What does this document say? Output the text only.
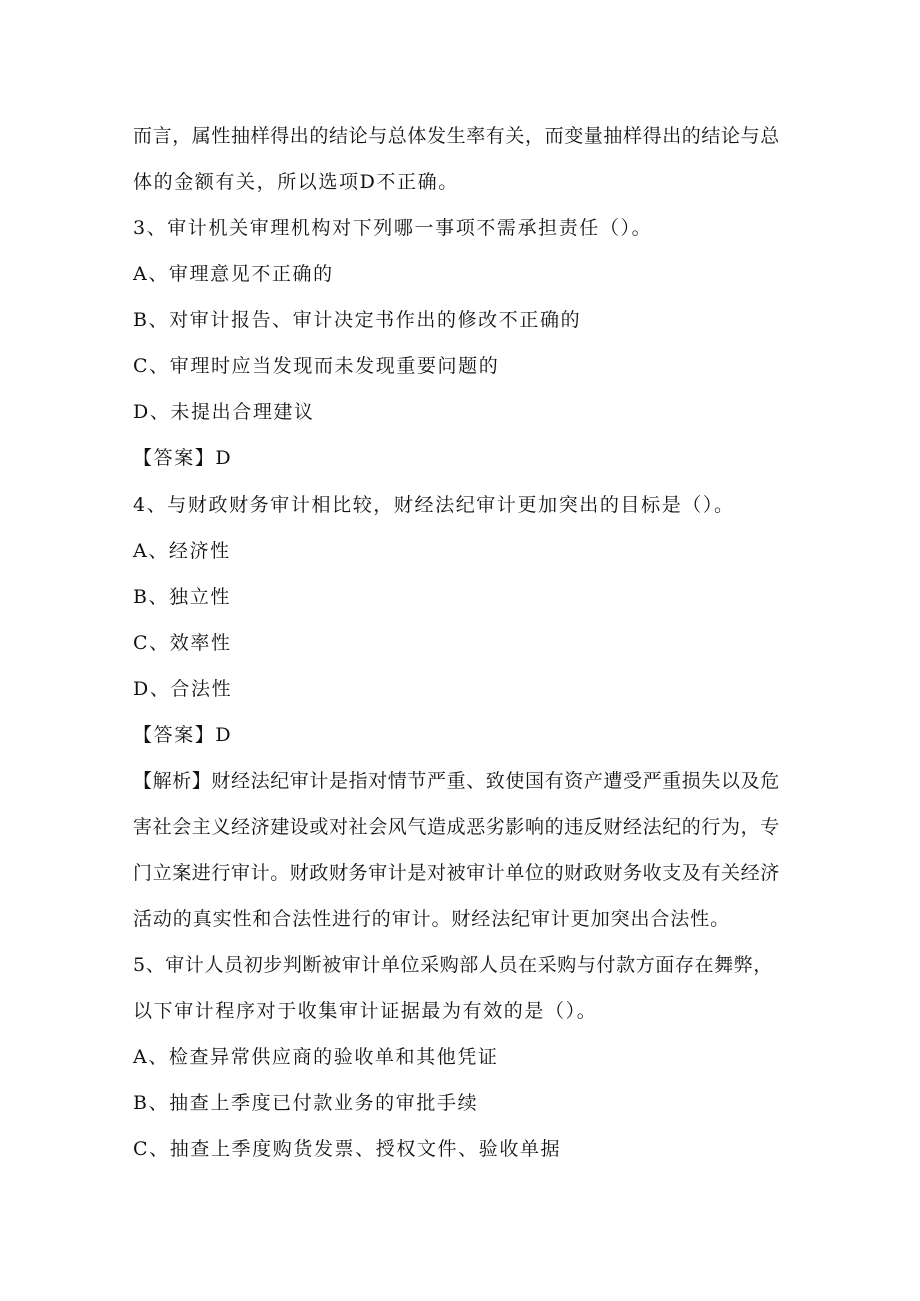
而言，属性抽样得出的结论与总体发生率有关，而变量抽样得出的结论与总
体的金额有关，所以选项D不正确。
3、审计机关审理机构对下列哪一事项不需承担责任（）。
A、审理意见不正确的
B、对审计报告、审计决定书作出的修改不正确的
C、审理时应当发现而未发现重要问题的
D、未提出合理建议
【答案】D
4、与财政财务审计相比较，财经法纪审计更加突出的目标是（）。
A、经济性
B、独立性
C、效率性
D、合法性
【答案】D
【解析】财经法纪审计是指对情节严重、致使国有资产遭受严重损失以及危
害社会主义经济建设或对社会风气造成恶劣影响的违反财经法纪的行为，专
门立案进行审计。财政财务审计是对被审计单位的财政财务收支及有关经济
活动的真实性和合法性进行的审计。财经法纪审计更加突出合法性。
5、审计人员初步判断被审计单位采购部人员在采购与付款方面存在舞弊，
以下审计程序对于收集审计证据最为有效的是（）。
A、检查异常供应商的验收单和其他凭证
B、抽查上季度已付款业务的审批手续
C、抽查上季度购货发票、授权文件、验收单据
